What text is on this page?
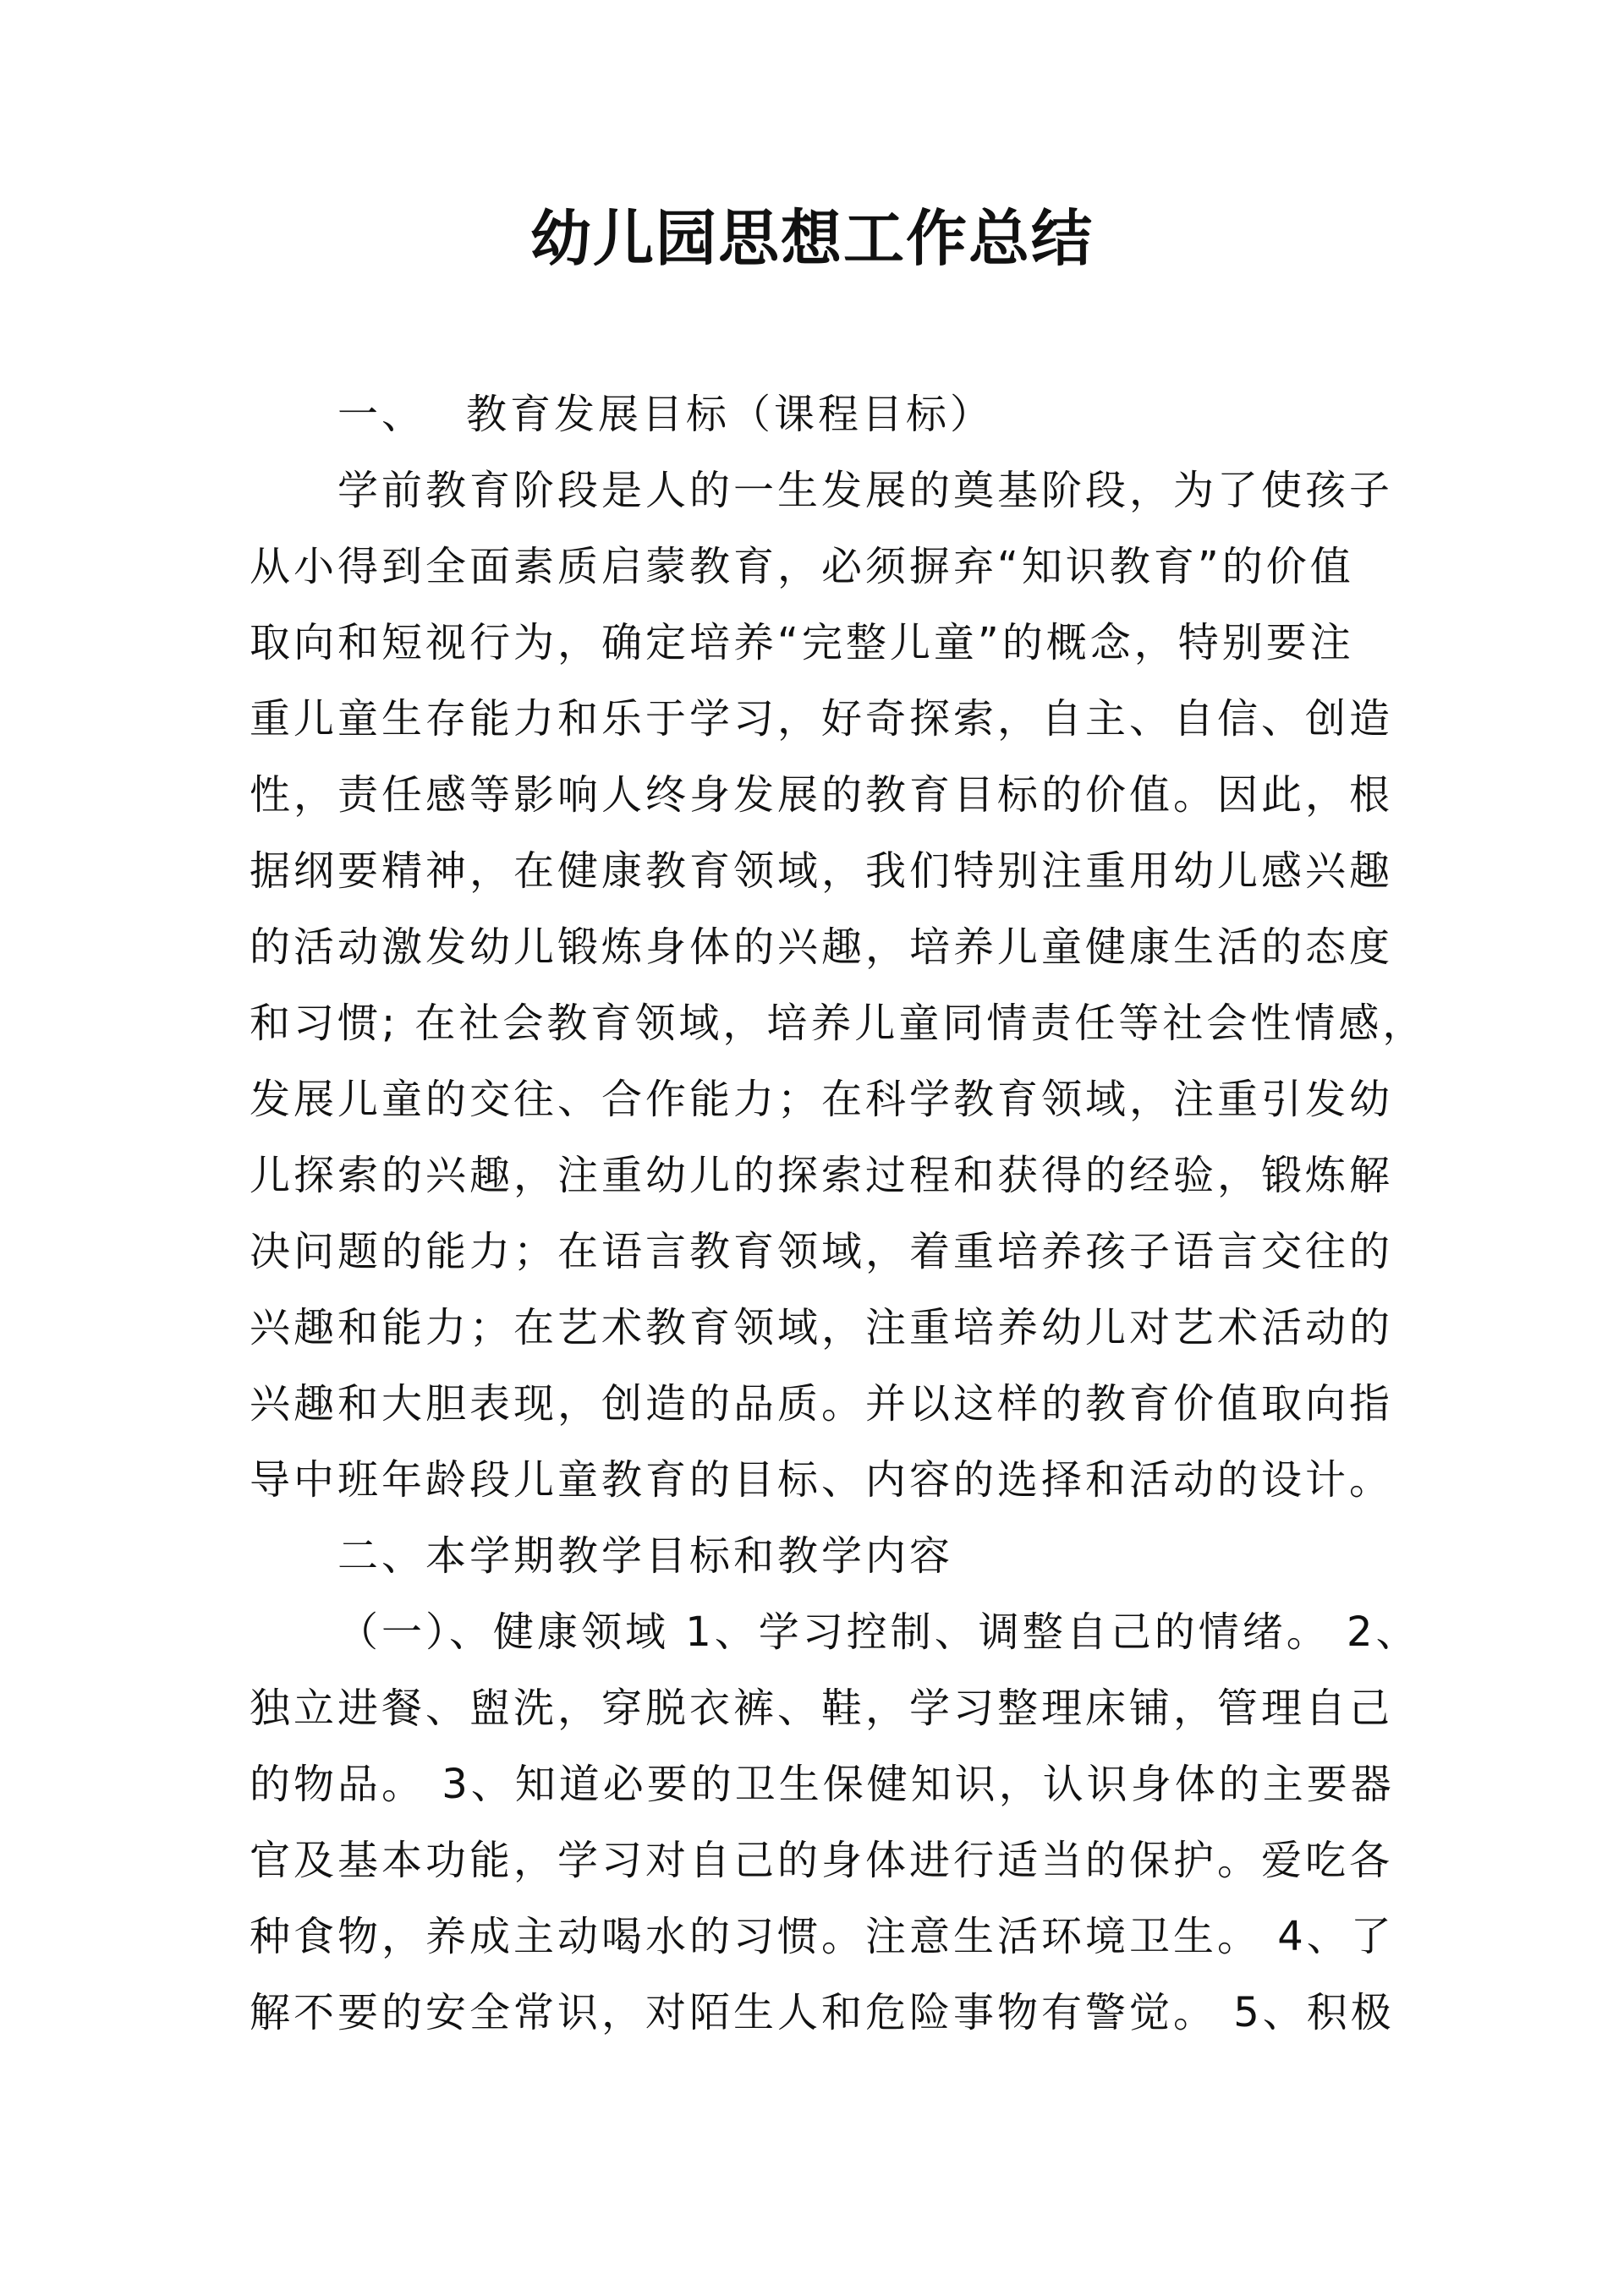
幼儿园思想工作总结

一、 教育发展目标（课程目标）

学前教育阶段是人的一生发展的奠基阶段，为了使孩子

从小得到全面素质启蒙教育，必须摒弃“知识教育”的价值

取向和短视行为，确定培养“完整儿童”的概念，特别要注

重儿童生存能力和乐于学习，好奇探索，自主、自信、创造

性，责任感等影响人终身发展的教育目标的价值。因此，根

据纲要精神，在健康教育领域，我们特别注重用幼儿感兴趣

的活动激发幼儿锻炼身体的兴趣，培养儿童健康生活的态度

和习惯; 在社会教育领域，培养儿童同情责任等社会性情感，

发展儿童的交往、合作能力；在科学教育领域，注重引发幼

儿探索的兴趣，注重幼儿的探索过程和获得的经验，锻炼解

决问题的能力；在语言教育领域，着重培养孩子语言交往的

兴趣和能力；在艺术教育领域，注重培养幼儿对艺术活动的

兴趣和大胆表现，创造的品质。并以这样的教育价值取向指

导中班年龄段儿童教育的目标、内容的选择和活动的设计。

二、本学期教学目标和教学内容

（一）、健康领域 1、学习控制、调整自己的情绪。 2、

独立进餐、盥洗，穿脱衣裤、鞋，学习整理床铺，管理自己

的物品。 3、知道必要的卫生保健知识，认识身体的主要器

官及基本功能，学习对自己的身体进行适当的保护。爱吃各

种食物，养成主动喝水的习惯。注意生活环境卫生。 4、了

解不要的安全常识，对陌生人和危险事物有警觉。 5、积极
